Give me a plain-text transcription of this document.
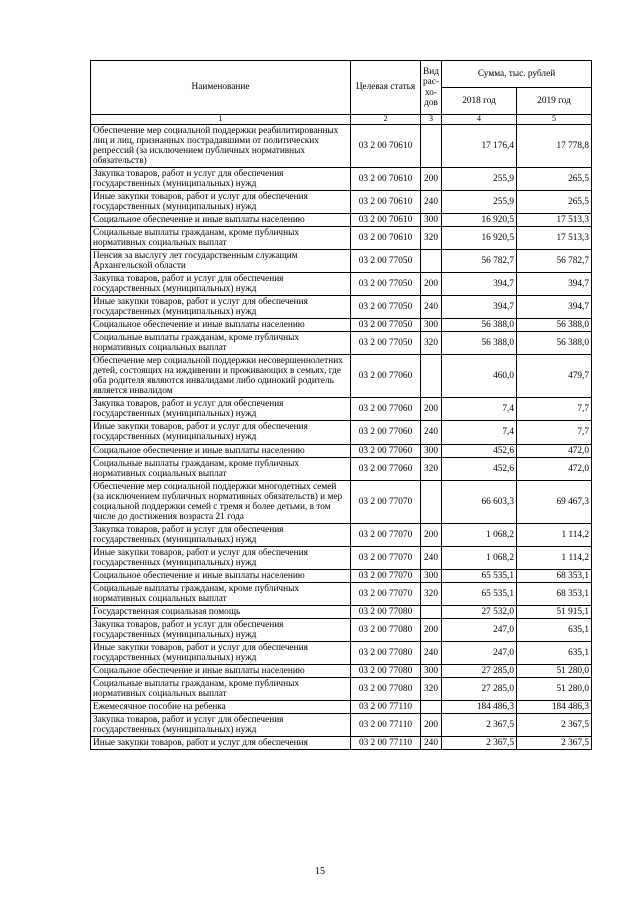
Наименование	Целевая статья	Вид
рас-
хо-
дов	Сумма, тыс. рублей	
			2018 год	2019 год
1	2	3	4	5
Обеспечение мер социальной поддержки реабилитированных лиц и лиц, признанных пострадавшими от политических репрессий (за исключением публичных нормативных обязательств)	03 2 00 70610		17 176,4	17 778,8
Закупка товаров, работ и услуг для обеспечения государственных (муниципальных) нужд	03 2 00 70610	200	255,9	265,5
Иные закупки товаров, работ и услуг для обеспечения государственных (муниципальных) нужд	03 2 00 70610	240	255,9	265,5
Социальное обеспечение и иные выплаты населению	03 2 00 70610	300	16 920,5	17 513,3
Социальные выплаты гражданам, кроме публичных нормативных социальных выплат	03 2 00 70610	320	16 920,5	17 513,3
Пенсия за выслугу лет государственным служащим Архангельской области	03 2 00 77050		56 782,7	56 782,7
Закупка товаров, работ и услуг для обеспечения государственных (муниципальных) нужд	03 2 00 77050	200	394,7	394,7
Иные закупки товаров, работ и услуг для обеспечения государственных (муниципальных) нужд	03 2 00 77050	240	394,7	394,7
Социальное обеспечение и иные выплаты населению	03 2 00 77050	300	56 388,0	56 388,0
Социальные выплаты гражданам, кроме публичных нормативных социальных выплат	03 2 00 77050	320	56 388,0	56 388,0
Обеспечение мер социальной поддержки несовершеннолетних детей, состоящих на иждивении и проживающих в семьях, где оба родителя являются инвалидами либо одинокий родитель является инвалидом	03 2 00 77060		460,0	479,7
Закупка товаров, работ и услуг для обеспечения государственных (муниципальных) нужд	03 2 00 77060	200	7,4	7,7
Иные закупки товаров, работ и услуг для обеспечения государственных (муниципальных) нужд	03 2 00 77060	240	7,4	7,7
Социальное обеспечение и иные выплаты населению	03 2 00 77060	300	452,6	472,0
Социальные выплаты гражданам, кроме публичных нормативных социальных выплат	03 2 00 77060	320	452,6	472,0
Обеспечение мер социальной поддержки многодетных семей (за исключением публичных нормативных обязательств) и мер социальной поддержки семей с тремя и более детьми, в том числе до достижения возраста 21 года	03 2 00 77070		66 603,3	69 467,3
Закупка товаров, работ и услуг для обеспечения государственных (муниципальных) нужд	03 2 00 77070	200	1 068,2	1 114,2
Иные закупки товаров, работ и услуг для обеспечения государственных (муниципальных) нужд	03 2 00 77070	240	1 068,2	1 114,2
Социальное обеспечение и иные выплаты населению	03 2 00 77070	300	65 535,1	68 353,1
Социальные выплаты гражданам, кроме публичных нормативных социальных выплат	03 2 00 77070	320	65 535,1	68 353,1
Государственная социальная помощь	03 2 00 77080		27 532,0	51 915,1
Закупка товаров, работ и услуг для обеспечения государственных (муниципальных) нужд	03 2 00 77080	200	247,0	635,1
Иные закупки товаров, работ и услуг для обеспечения государственных (муниципальных) нужд	03 2 00 77080	240	247,0	635,1
Социальное обеспечение и иные выплаты населению	03 2 00 77080	300	27 285,0	51 280,0
Социальные выплаты гражданам, кроме публичных нормативных социальных выплат	03 2 00 77080	320	27 285,0	51 280,0
Ежемесячное пособие на ребенка	03 2 00 77110		184 486,3	184 486,3
Закупка товаров, работ и услуг для обеспечения государственных (муниципальных) нужд	03 2 00 77110	200	2 367,5	2 367,5
Иные закупки товаров, работ и услуг для обеспечения	03 2 00 77110	240	2 367,5	2 367,5
15
